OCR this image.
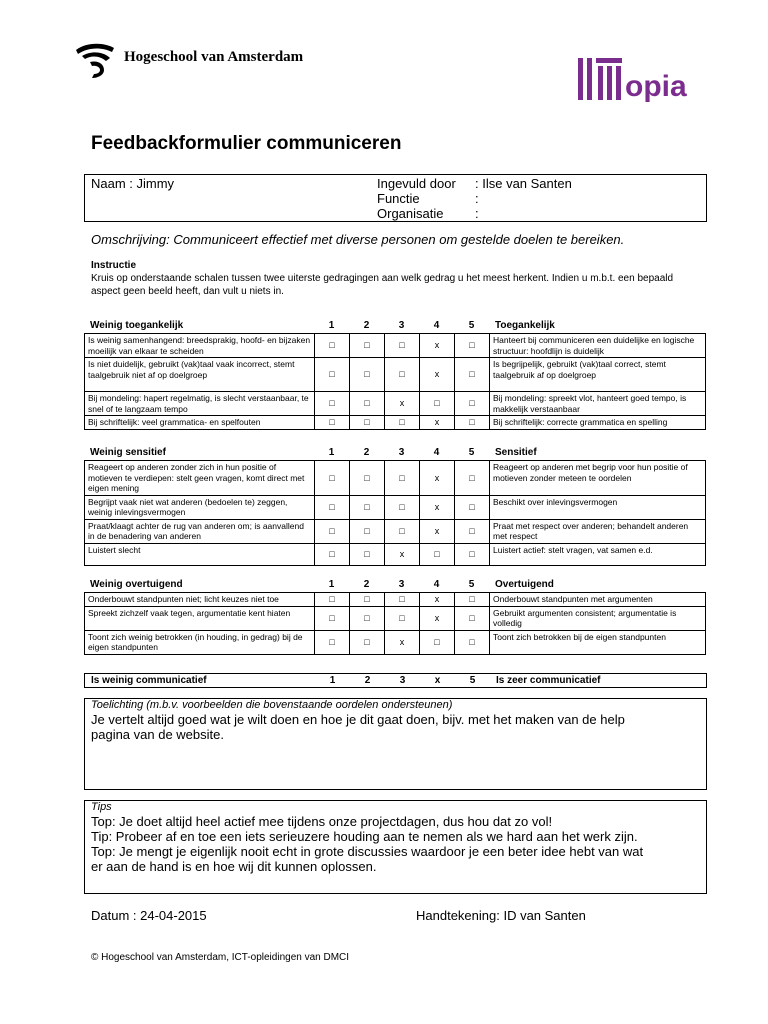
Hogeschool van Amsterdam
opia
Feedbackformulier communiceren
Naam : Jimmy	Ingevuld door : Ilse van Santen
Functie	:
Organisatie :
Omschrijving: Communiceert effectief met diverse personen om gestelde doelen te bereiken.
Instructie
Kruis op onderstaande schalen tussen twee uiterste gedragingen aan welk gedrag u het meest herkent. Indien u m.b.t. een bepaald aspect geen beeld heeft, dan vult u niets in.
Weinig toegankelijk	1	2	3	4	5	Toegankelijk
Is weinig samenhangend: breedsprakig, hoofd- en bijzaken moeilijk van elkaar te scheiden	□	□	□	x	□	Hanteert bij communiceren een duidelijke en logische structuur: hoofdlijn is duidelijk
Is niet duidelijk, gebruikt (vak)taal vaak incorrect, stemt taalgebruik niet af op doelgroep	□	□	□	x	□	Is begrijpelijk, gebruikt (vak)taal correct, stemt taalgebruik af op doelgroep
Bij mondeling: hapert regelmatig, is slecht verstaanbaar, te snel of te langzaam tempo	□	□	x	□	□	Bij mondeling: spreekt vlot, hanteert goed tempo, is makkelijk verstaanbaar
Bij schriftelijk: veel grammatica- en spelfouten	□	□	□	x	□	Bij schriftelijk: correcte grammatica en spelling
Weinig sensitief	1	2	3	4	5	Sensitief
Reageert op anderen zonder zich in hun positie of motieven te verdiepen: stelt geen vragen, komt direct met eigen mening	□	□	□	x	□	Reageert op anderen met begrip voor hun positie of motieven zonder meteen te oordelen
Begrijpt vaak niet wat anderen (bedoelen te) zeggen, weinig inlevingsvermogen	□	□	□	x	□	Beschikt over inlevingsvermogen
Praat/klaagt achter de rug van anderen om; is aanvallend in de benadering van anderen	□	□	□	x	□	Praat met respect over anderen; behandelt anderen met respect
Luistert slecht	□	□	x	□	□	Luistert actief: stelt vragen, vat samen e.d.
Weinig overtuigend	1	2	3	4	5	Overtuigend
Onderbouwt standpunten niet; licht keuzes niet toe	□	□	□	x	□	Onderbouwt standpunten met argumenten
Spreekt zichzelf vaak tegen, argumentatie kent hiaten	□	□	□	x	□	Gebruikt argumenten consistent; argumentatie is volledig
Toont zich weinig betrokken (in houding, in gedrag) bij de eigen standpunten	□	□	x	□	□	Toont zich betrokken bij de eigen standpunten
Is weinig communicatief	1	2	3	x	5	Is zeer communicatief
Toelichting (m.b.v. voorbeelden die bovenstaande oordelen ondersteunen)
Je vertelt altijd goed wat je wilt doen en hoe je dit gaat doen, bijv. met het maken van de help
pagina van de website.
Tips
Top: Je doet altijd heel actief mee tijdens onze projectdagen, dus hou dat zo vol!
Tip: Probeer af en toe een iets serieuzere houding aan te nemen als we hard aan het werk zijn.
Top: Je mengt je eigenlijk nooit echt in grote discussies waardoor je een beter idee hebt van wat
er aan de hand is en hoe wij dit kunnen oplossen.
Datum : 24-04-2015	Handtekening: ID van Santen
© Hogeschool van Amsterdam, ICT-opleidingen van DMCI
